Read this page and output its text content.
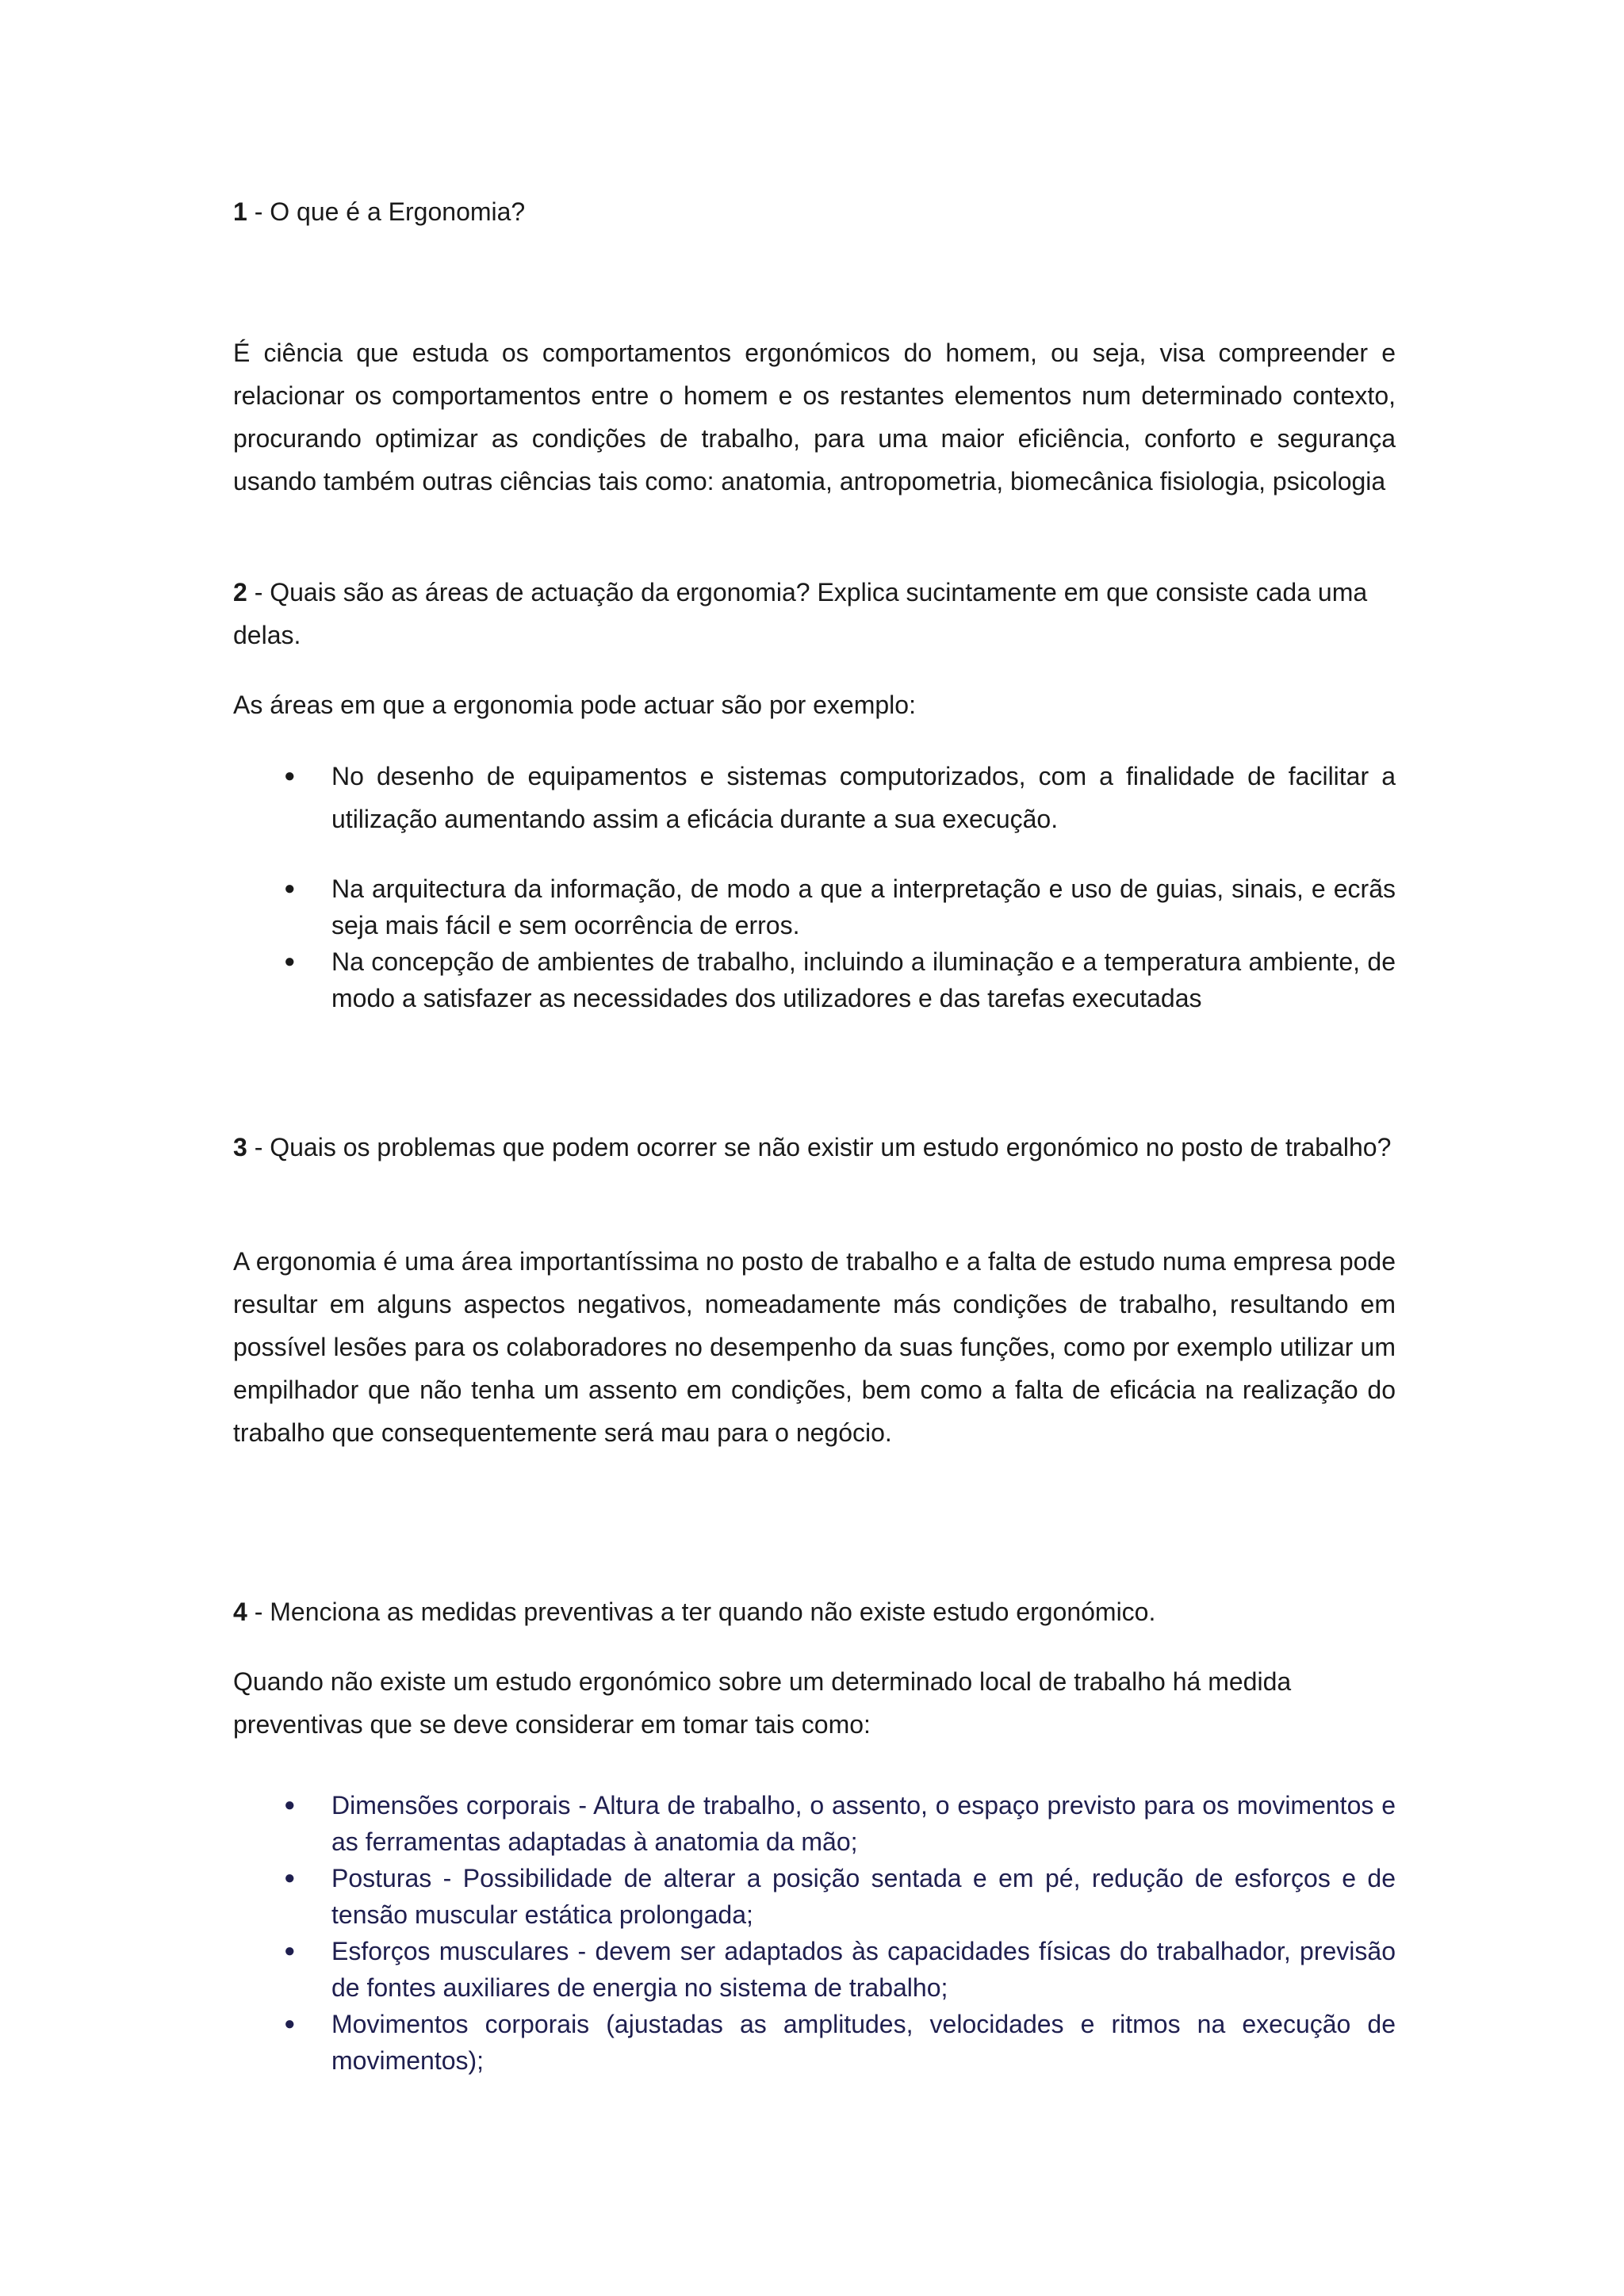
1 - O que é a Ergonomia?

É ciência que estuda os comportamentos ergonómicos do homem, ou seja, visa compreender e relacionar os comportamentos entre o homem e os restantes elementos num determinado contexto, procurando optimizar as condições de trabalho, para uma maior eficiência, conforto e segurança usando também outras ciências tais como: anatomia, antropometria, biomecânica fisiologia, psicologia

2 - Quais são as áreas de actuação da ergonomia? Explica sucintamente em que consiste cada uma delas.

As áreas em que a ergonomia pode actuar são por exemplo:

● No desenho de equipamentos e sistemas computorizados, com a finalidade de facilitar a utilização aumentando assim a eficácia durante a sua execução.
● Na arquitectura da informação, de modo a que a interpretação e uso de guias, sinais, e ecrãs seja mais fácil e sem ocorrência de erros.
● Na concepção de ambientes de trabalho, incluindo a iluminação e a temperatura ambiente, de modo a satisfazer as necessidades dos utilizadores e das tarefas executadas

3 - Quais os problemas que podem ocorrer se não existir um estudo ergonómico no posto de trabalho?

A ergonomia é uma área importantíssima no posto de trabalho e a falta de estudo numa empresa pode resultar em alguns aspectos negativos, nomeadamente más condições de trabalho, resultando em possível lesões para os colaboradores no desempenho da suas funções, como por exemplo utilizar um empilhador que não tenha um assento em condições, bem como a falta de eficácia na realização do trabalho que consequentemente será mau para o negócio.

4 - Menciona as medidas preventivas a ter quando não existe estudo ergonómico.

Quando não existe um estudo ergonómico sobre um determinado local de trabalho há medida preventivas que se deve considerar em tomar tais como:

● Dimensões corporais - Altura de trabalho, o assento, o espaço previsto para os movimentos e as ferramentas adaptadas à anatomia da mão;
● Posturas - Possibilidade de alterar a posição sentada e em pé, redução de esforços e de tensão muscular estática prolongada;
● Esforços musculares - devem ser adaptados às capacidades físicas do trabalhador, previsão de fontes auxiliares de energia no sistema de trabalho;
● Movimentos corporais (ajustadas as amplitudes, velocidades e ritmos na execução de movimentos);
